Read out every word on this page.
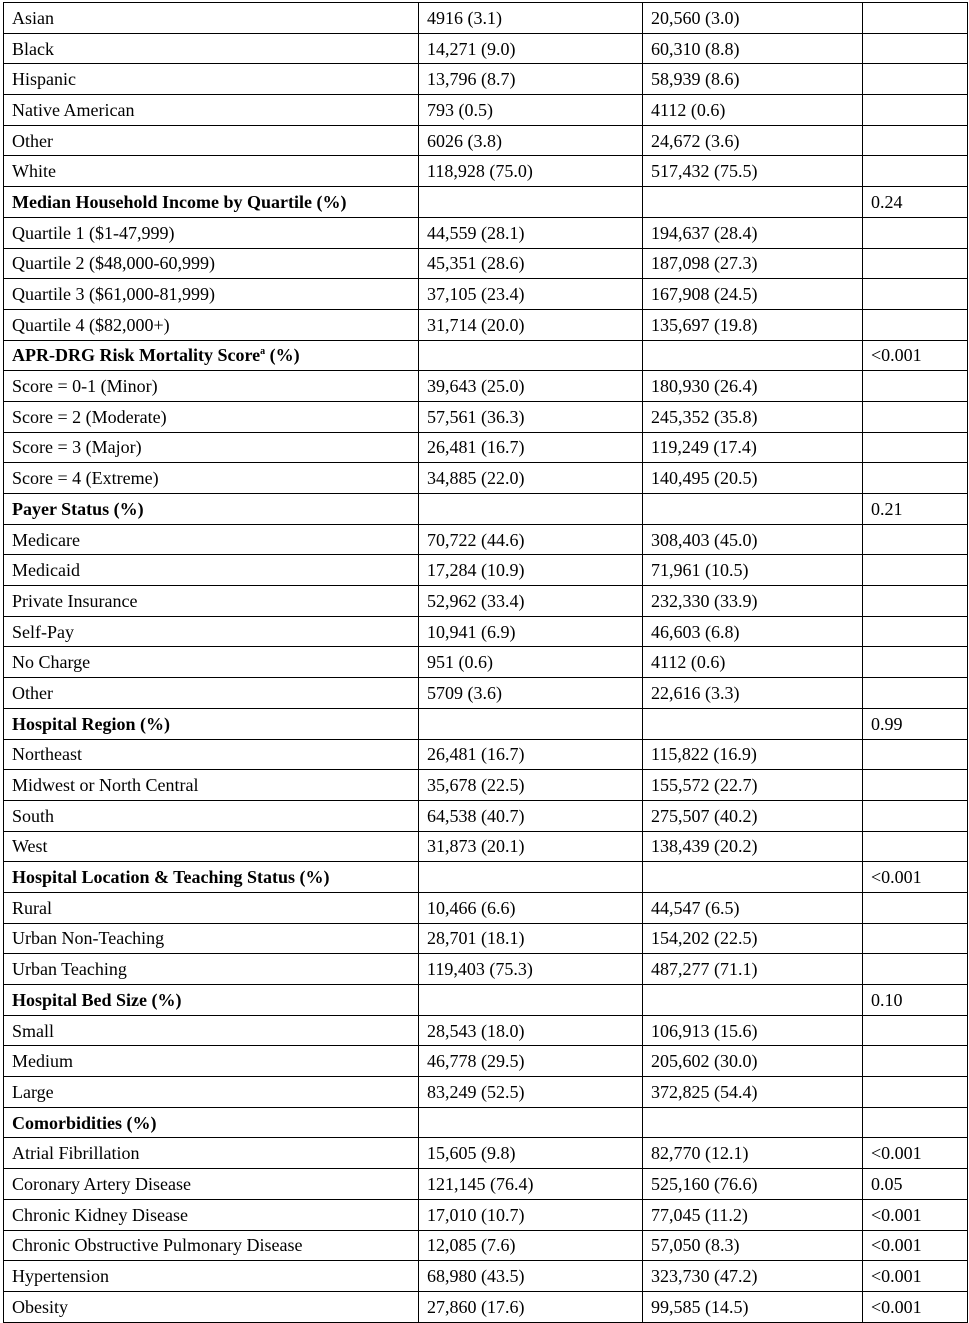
Asian	4916 (3.1)	20,560 (3.0)	
Black	14,271 (9.0)	60,310 (8.8)	
Hispanic	13,796 (8.7)	58,939 (8.6)	
Native American	793 (0.5)	4112 (0.6)	
Other	6026 (3.8)	24,672 (3.6)	
White	118,928 (75.0)	517,432 (75.5)	
Median Household Income by Quartile (%)			0.24
Quartile 1 ($1-47,999)	44,559 (28.1)	194,637 (28.4)	
Quartile 2 ($48,000-60,999)	45,351 (28.6)	187,098 (27.3)	
Quartile 3 ($61,000-81,999)	37,105 (23.4)	167,908 (24.5)	
Quartile 4 ($82,000+)	31,714 (20.0)	135,697 (19.8)	
APR-DRG Risk Mortality Score$^a$ (%)			<0.001
Score = 0-1 (Minor)	39,643 (25.0)	180,930 (26.4)	
Score = 2 (Moderate)	57,561 (36.3)	245,352 (35.8)	
Score = 3 (Major)	26,481 (16.7)	119,249 (17.4)	
Score = 4 (Extreme)	34,885 (22.0)	140,495 (20.5)	
Payer Status (%)			0.21
Medicare	70,722 (44.6)	308,403 (45.0)	
Medicaid	17,284 (10.9)	71,961 (10.5)	
Private Insurance	52,962 (33.4)	232,330 (33.9)	
Self-Pay	10,941 (6.9)	46,603 (6.8)	
No Charge	951 (0.6)	4112 (0.6)	
Other	5709 (3.6)	22,616 (3.3)	
Hospital Region (%)			0.99
Northeast	26,481 (16.7)	115,822 (16.9)	
Midwest or North Central	35,678 (22.5)	155,572 (22.7)	
South	64,538 (40.7)	275,507 (40.2)	
West	31,873 (20.1)	138,439 (20.2)	
Hospital Location & Teaching Status (%)			<0.001
Rural	10,466 (6.6)	44,547 (6.5)	
Urban Non-Teaching	28,701 (18.1)	154,202 (22.5)	
Urban Teaching	119,403 (75.3)	487,277 (71.1)	
Hospital Bed Size (%)			0.10
Small	28,543 (18.0)	106,913 (15.6)	
Medium	46,778 (29.5)	205,602 (30.0)	
Large	83,249 (52.5)	372,825 (54.4)	
Comorbidities (%)			
Atrial Fibrillation	15,605 (9.8)	82,770 (12.1)	<0.001
Coronary Artery Disease	121,145 (76.4)	525,160 (76.6)	0.05
Chronic Kidney Disease	17,010 (10.7)	77,045 (11.2)	<0.001
Chronic Obstructive Pulmonary Disease	12,085 (7.6)	57,050 (8.3)	<0.001
Hypertension	68,980 (43.5)	323,730 (47.2)	<0.001
Obesity	27,860 (17.6)	99,585 (14.5)	<0.001
